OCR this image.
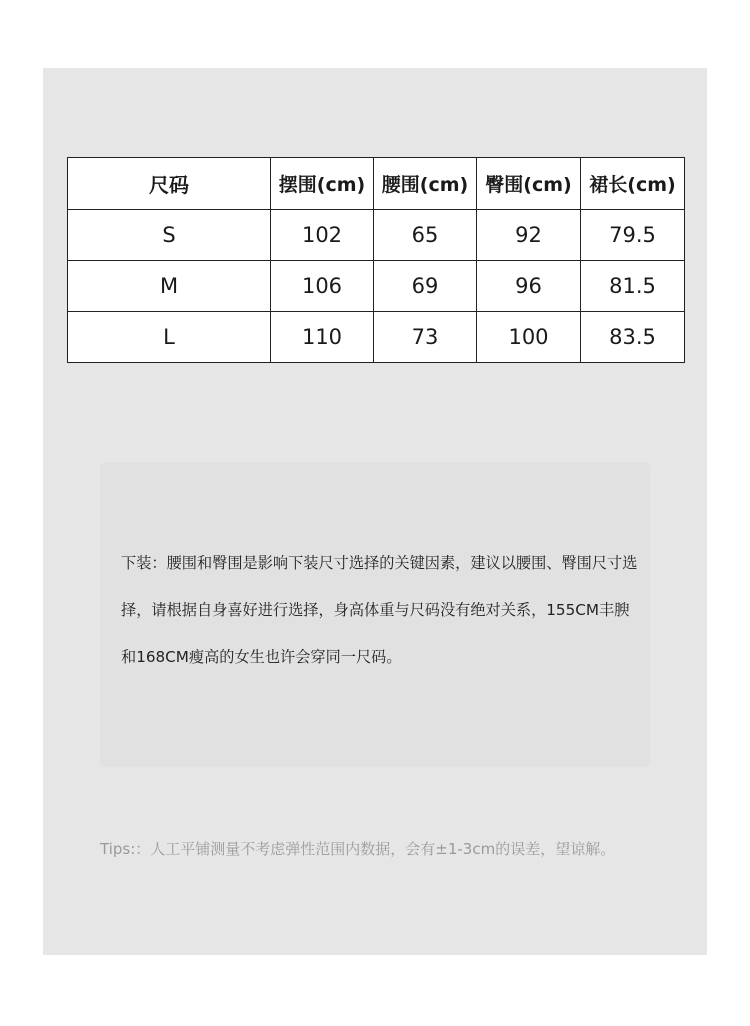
尺码	摆围(cm)	腰围(cm)	臀围(cm)	裙长(cm)
S	102	65	92	79.5
M	106	69	96	81.5
L	110	73	100	83.5

下装：腰围和臀围是影响下装尺寸选择的关键因素，建议以腰围、臀围尺寸选择，请根据自身喜好进行选择，身高体重与尺码没有绝对关系，155CM丰腴和168CM瘦高的女生也许会穿同一尺码。

Tips:：人工平铺测量不考虑弹性范围内数据，会有±1-3cm的误差，望谅解。
